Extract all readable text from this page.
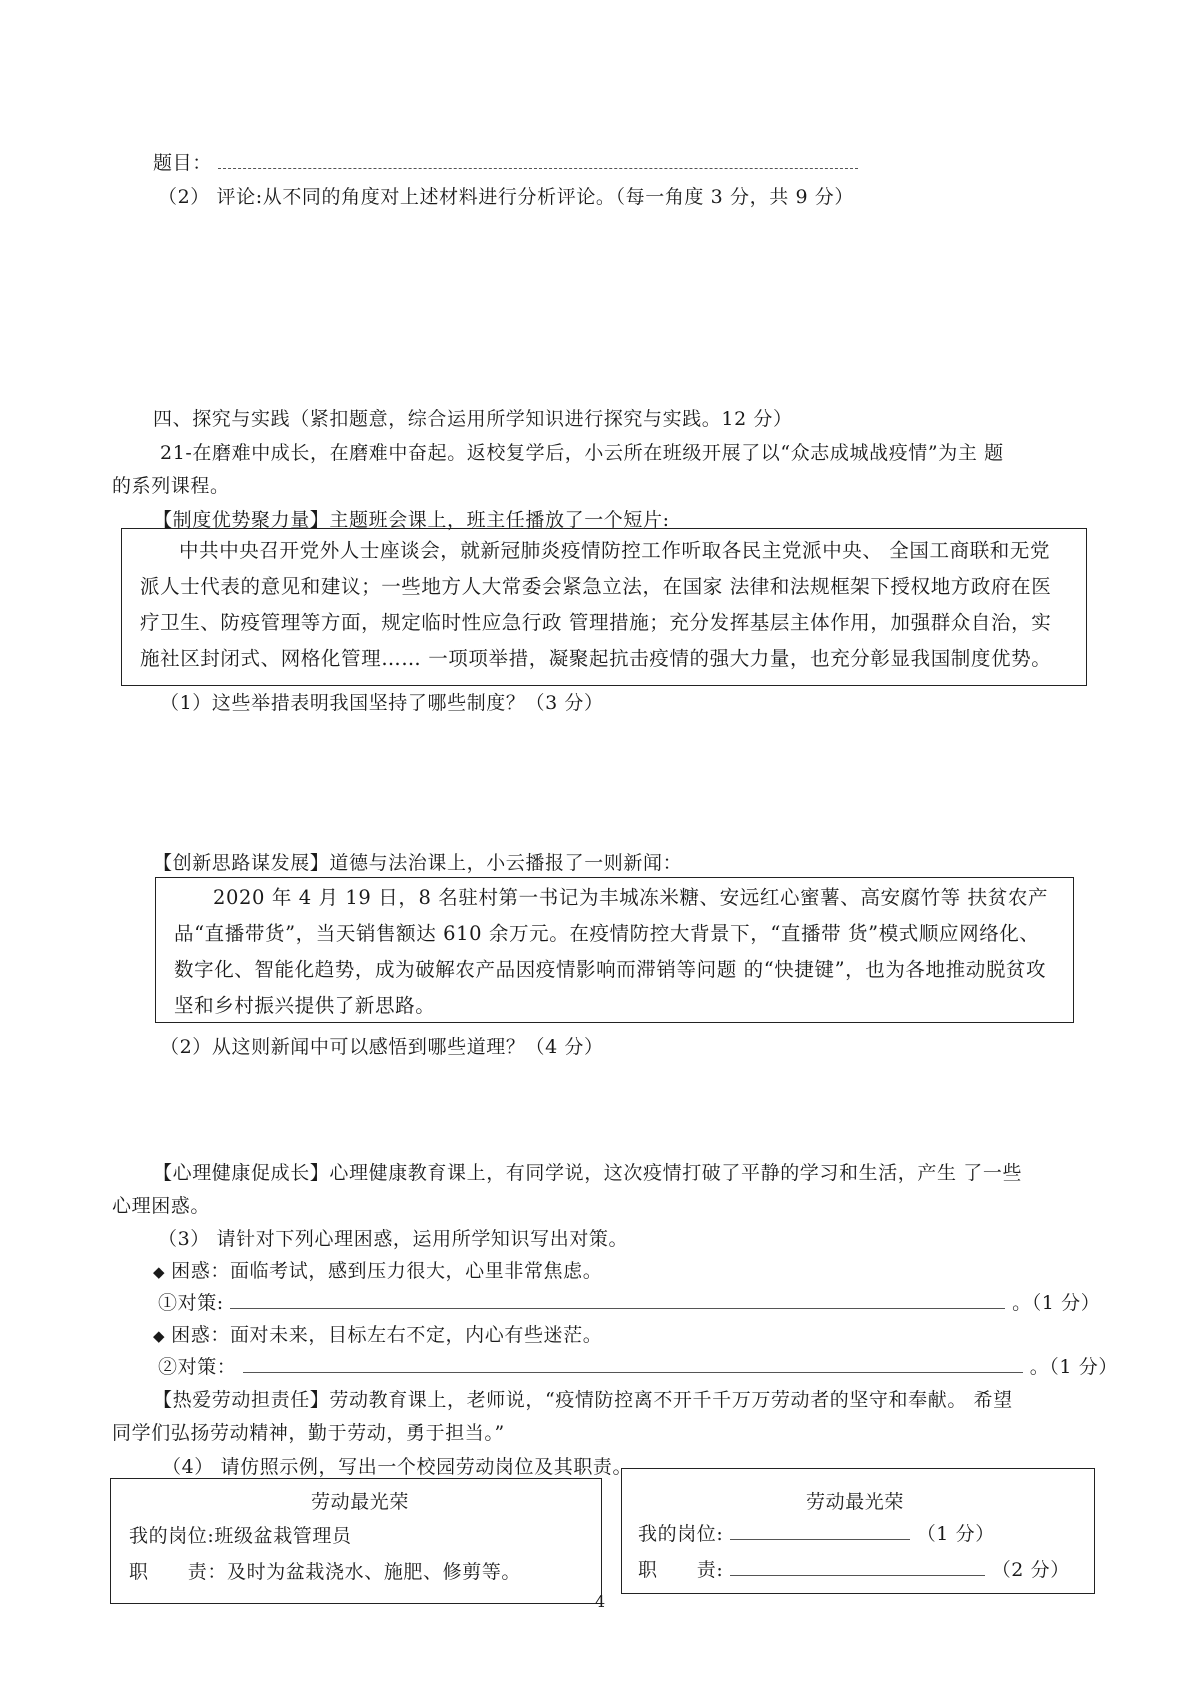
题目：
（2） 评论:从不同的角度对上述材料进行分析评论。（每一角度 3 分，共 9 分）
四、探究与实践（紧扣题意，综合运用所学知识进行探究与实践。12 分）
21-在磨难中成长，在磨难中奋起。返校复学后，小云所在班级开展了以“众志成城战疫情”为主 题
的系列课程。
【制度优势聚力量】主题班会课上，班主任播放了一个短片:
中共中央召开党外人士座谈会，就新冠肺炎疫情防控工作听取各民主党派中央、 全国工商联和无党派人士代表的意见和建议；一些地方人大常委会紧急立法，在国家 法律和法规框架下授权地方政府在医疗卫生、防疫管理等方面，规定临时性应急行政 管理措施；充分发挥基层主体作用，加强群众自治，实施社区封闭式、网格化管理…… 一项项举措，凝聚起抗击疫情的强大力量，也充分彰显我国制度优势。
（1）这些举措表明我国坚持了哪些制度？（3 分）
【创新思路谋发展】道德与法治课上，小云播报了一则新闻：
2020 年 4 月 19 日，8 名驻村第一书记为丰城冻米糖、安远红心蜜薯、高安腐竹等 扶贫农产品“直播带货”，当天销售额达 610 余万元。在疫情防控大背景下，“直播带 货”模式顺应网络化、数字化、智能化趋势，成为破解农产品因疫情影响而滞销等问题 的“快捷键”，也为各地推动脱贫攻坚和乡村振兴提供了新思路。
（2）从这则新闻中可以感悟到哪些道理？（4 分）
【心理健康促成长】心理健康教育课上，有同学说，这次疫情打破了平静的学习和生活，产生 了一些
心理困惑。
（3） 请针对下列心理困惑，运用所学知识写出对策。
◆ 困惑：面临考试，感到压力很大，心里非常焦虑。
①对策:	。（1 分）
◆ 困惑：面对未来，目标左右不定，内心有些迷茫。
②对策：	。（1 分）
【热爱劳动担责任】劳动教育课上，老师说，“疫情防控离不开千千万万劳动者的坚守和奉献。 希望
同学们弘扬劳动精神，勤于劳动，勇于担当。”
（4） 请仿照示例，写出一个校园劳动岗位及其职责。
劳动最光荣
我的岗位:班级盆栽管理员
职　　责：及时为盆栽浇水、施肥、修剪等。
劳动最光荣
我的岗位:	（1 分）
职　　责:	（2 分）
4
